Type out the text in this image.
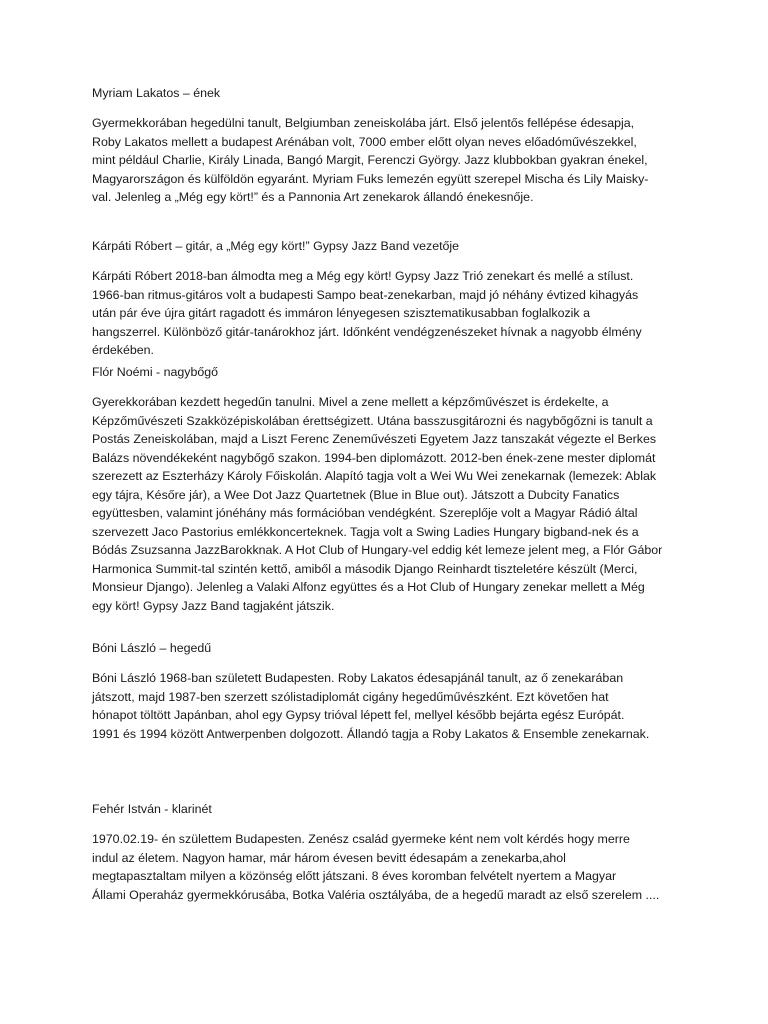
Myriam Lakatos – ének

Gyermekkorában hegedülni tanult, Belgiumban zeneiskolába járt. Első jelentős fellépése édesapja,
Roby Lakatos mellett a budapest Arénában volt, 7000 ember előtt olyan neves előadóművészekkel,
mint például Charlie, Király Linada, Bangó Margit, Ferenczi György. Jazz klubbokban gyakran énekel,
Magyarországon és külföldön egyaránt. Myriam Fuks lemezén együtt szerepel Mischa és Lily Maisky-
val. Jelenleg a „Még egy kört!” és a Pannonia Art zenekarok állandó énekesnője.

Kárpáti Róbert – gitár, a „Még egy kört!” Gypsy Jazz Band vezetője

Kárpáti Róbert 2018-ban álmodta meg a Még egy kört! Gypsy Jazz Trió zenekart és mellé a stílust.
1966-ban ritmus-gitáros volt a budapesti Sampo beat-zenekarban, majd jó néhány évtized kihagyás
után pár éve újra gitárt ragadott és immáron lényegesen szisztematikusabban foglalkozik a
hangszerrel. Különböző gitár-tanárokhoz járt. Időnként vendégzenészeket hívnak a nagyobb élmény
érdekében.

Flór Noémi - nagybőgő

Gyerekkorában kezdett hegedűn tanulni. Mivel a zene mellett a képzőművészet is érdekelte, a
Képzőművészeti Szakközépiskolában érettségizett. Utána basszusgitározni és nagybőgőzni is tanult a
Postás Zeneiskolában, majd a Liszt Ferenc Zeneművészeti Egyetem Jazz tanszakát végezte el Berkes
Balázs növendékeként nagybőgő szakon. 1994-ben diplomázott. 2012-ben ének-zene mester diplomát
szerezett az Eszterházy Károly Főiskolán. Alapító tagja volt a Wei Wu Wei zenekarnak (lemezek: Ablak
egy tájra, Későre jár), a Wee Dot Jazz Quartetnek (Blue in Blue out). Játszott a Dubcity Fanatics
együttesben, valamint jónéhány más formációban vendégként. Szereplője volt a Magyar Rádió által
szervezett Jaco Pastorius emlékkoncerteknek. Tagja volt a Swing Ladies Hungary bigband-nek és a
Bódás Zsuzsanna JazzBarokknak. A Hot Club of Hungary-vel eddig két lemeze jelent meg, a Flór Gábor
Harmonica Summit-tal szintén kettő, amiből a második Django Reinhardt tiszteletére készült (Merci,
Monsieur Django). Jelenleg a Valaki Alfonz együttes és a Hot Club of Hungary zenekar mellett a Még
egy kört! Gypsy Jazz Band tagjaként játszik.

Bóni László – hegedű

Bóni László 1968-ban született Budapesten. Roby Lakatos édesapjánál tanult, az ő zenekarában
játszott, majd 1987-ben szerzett szólistadiplomát cigány hegedűművészként. Ezt követően hat
hónapot töltött Japánban, ahol egy Gypsy trióval lépett fel, mellyel később bejárta egész Európát.
1991 és 1994 között Antwerpenben dolgozott. Állandó tagja a Roby Lakatos & Ensemble zenekarnak.

Fehér István - klarinét

1970.02.19- én születtem Budapesten. Zenész család gyermeke ként nem volt kérdés hogy merre
indul az életem. Nagyon hamar, már három évesen bevitt édesapám a zenekarba,ahol
megtapasztaltam milyen a közönség előtt játszani. 8 éves koromban felvételt nyertem a Magyar
Állami Operaház gyermekkórusába, Botka Valéria osztályába, de a hegedű maradt az első szerelem ....
